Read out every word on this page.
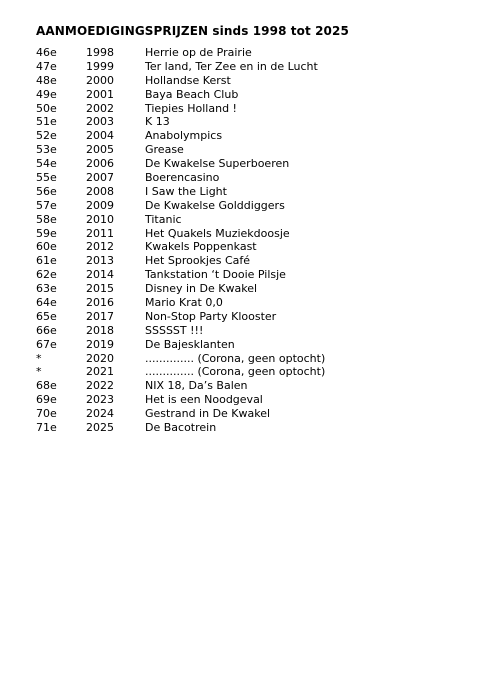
AANMOEDIGINGSPRIJZEN sinds 1998 tot 2025
46e	1998	Herrie op de Prairie
47e	1999	Ter land, Ter Zee en in de Lucht
48e	2000	Hollandse Kerst
49e	2001	Baya Beach Club
50e	2002	Tiepies Holland !
51e	2003	K 13
52e	2004	Anabolympics
53e	2005	Grease
54e	2006	De Kwakelse Superboeren
55e	2007	Boerencasino
56e	2008	I Saw the Light
57e	2009	De Kwakelse Golddiggers
58e	2010	Titanic
59e	2011	Het Quakels Muziekdoosje
60e	2012	Kwakels Poppenkast
61e	2013	Het Sprookjes Café
62e	2014	Tankstation ‘t Dooie Pilsje
63e	2015	Disney in De Kwakel
64e	2016	Mario Krat 0,0
65e	2017	Non-Stop Party Klooster
66e	2018	SSSSST !!!
67e	2019	De Bajesklanten
*	2020	.............. (Corona, geen optocht)
*	2021	.............. (Corona, geen optocht)
68e	2022	NIX 18, Da’s Balen
69e	2023	Het is een Noodgeval
70e	2024	Gestrand in De Kwakel
71e	2025	De Bacotrein
